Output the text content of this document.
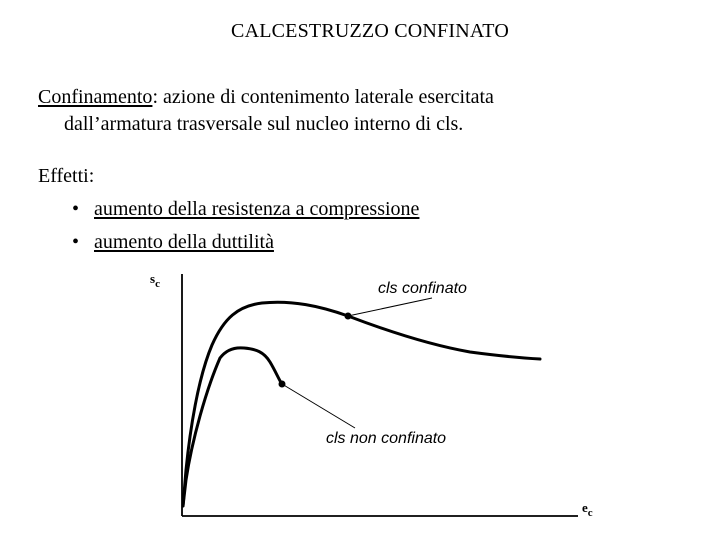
CALCESTRUZZO CONFINATO
Confinamento: azione di contenimento laterale esercitata
dall’armatura trasversale sul nucleo interno di cls.
Effetti:
• aumento della resistenza a compressione
• aumento della duttilità
$s_c$
$e_c$
cls confinato
cls non confinato
